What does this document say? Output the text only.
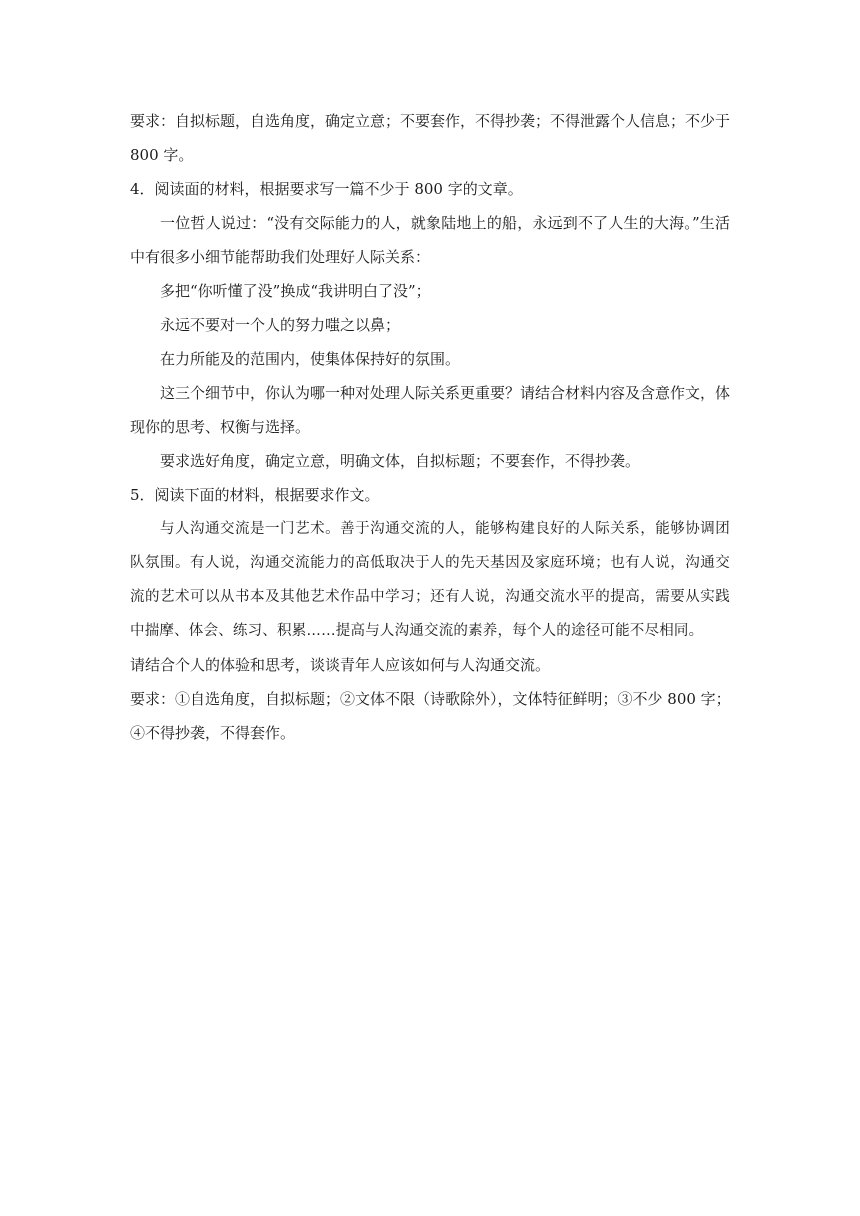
要求：自拟标题，自选角度，确定立意；不要套作，不得抄袭；不得泄露个人信息；不少于
800 字。
4．阅读面的材料，根据要求写一篇不少于 800 字的文章。
一位哲人说过：“没有交际能力的人，就象陆地上的船，永远到不了人生的大海。”生活
中有很多小细节能帮助我们处理好人际关系：
多把“你听懂了没”换成“我讲明白了没”；
永远不要对一个人的努力嗤之以鼻；
在力所能及的范围内，使集体保持好的氛围。
这三个细节中，你认为哪一种对处理人际关系更重要？请结合材料内容及含意作文，体
现你的思考、权衡与选择。
要求选好角度，确定立意，明确文体，自拟标题；不要套作，不得抄袭。
5．阅读下面的材料，根据要求作文。
与人沟通交流是一门艺术。善于沟通交流的人，能够构建良好的人际关系，能够协调团
队氛围。有人说，沟通交流能力的高低取决于人的先天基因及家庭环境；也有人说，沟通交
流的艺术可以从书本及其他艺术作品中学习；还有人说，沟通交流水平的提高，需要从实践
中揣摩、体会、练习、积累……提高与人沟通交流的素养，每个人的途径可能不尽相同。
请结合个人的体验和思考，谈谈青年人应该如何与人沟通交流。
要求：①自选角度，自拟标题；②文体不限（诗歌除外），文体特征鲜明；③不少 800 字；
④不得抄袭，不得套作。
